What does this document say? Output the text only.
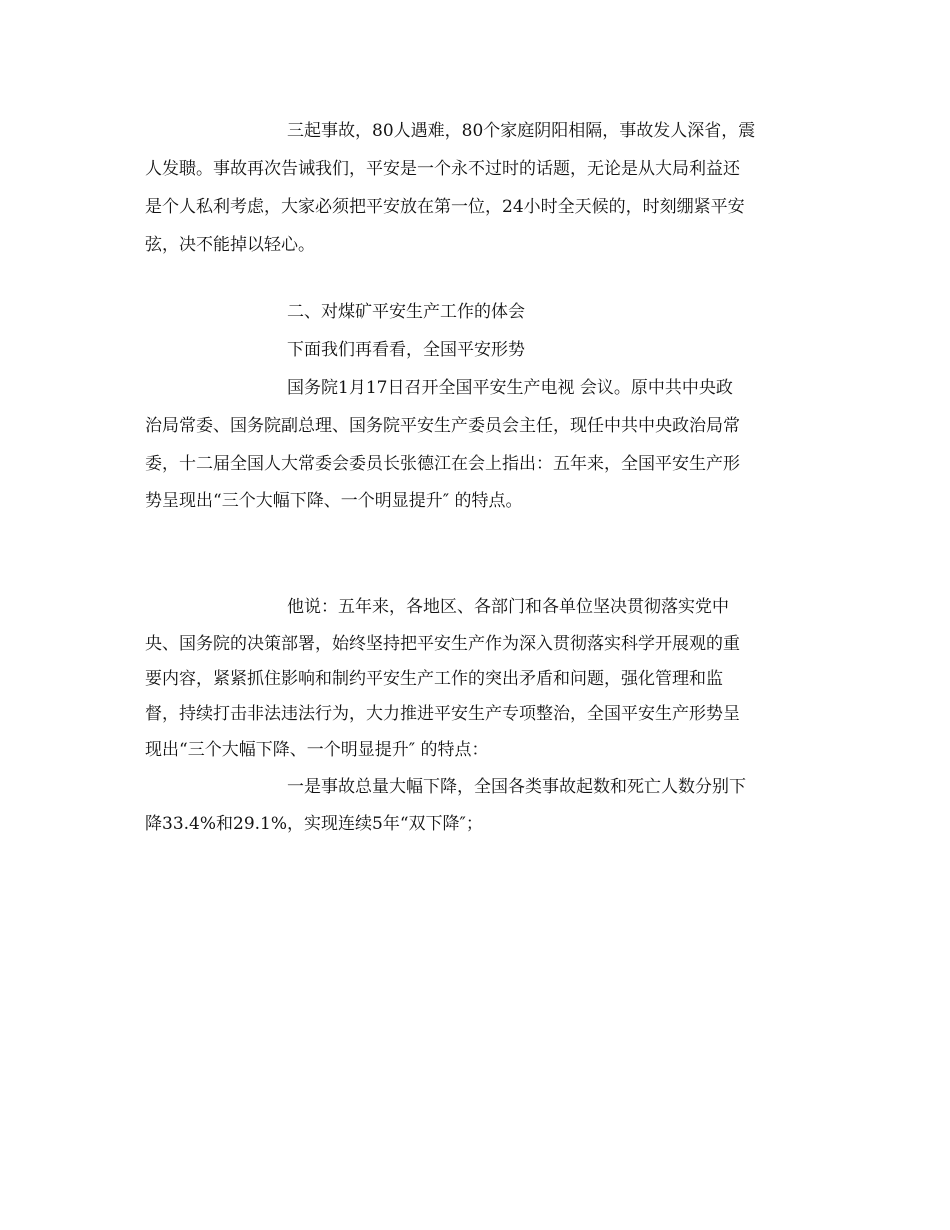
三起事故，80人遇难，80个家庭阴阳相隔，事故发人深省，震
人发聩。事故再次告诫我们，平安是一个永不过时的话题，无论是从大局利益还
是个人私利考虑，大家必须把平安放在第一位，24小时全天候的，时刻绷紧平安
弦，决不能掉以轻心。
二、对煤矿平安生产工作的体会
下面我们再看看，全国平安形势
国务院1月17日召开全国平安生产电视 会议。原中共中央政
治局常委、国务院副总理、国务院平安生产委员会主任，现任中共中央政治局常
委，十二届全国人大常委会委员长张德江在会上指出：五年来，全国平安生产形
势呈现出“三个大幅下降、一个明显提升″ 的特点。
他说：五年来，各地区、各部门和各单位坚决贯彻落实党中
央、国务院的决策部署，始终坚持把平安生产作为深入贯彻落实科学开展观的重
要内容，紧紧抓住影响和制约平安生产工作的突出矛盾和问题，强化管理和监
督，持续打击非法违法行为，大力推进平安生产专项整治，全国平安生产形势呈
现出“三个大幅下降、一个明显提升″ 的特点：
一是事故总量大幅下降，全国各类事故起数和死亡人数分别下
降33.4%和29.1%，实现连续5年“双下降″；
